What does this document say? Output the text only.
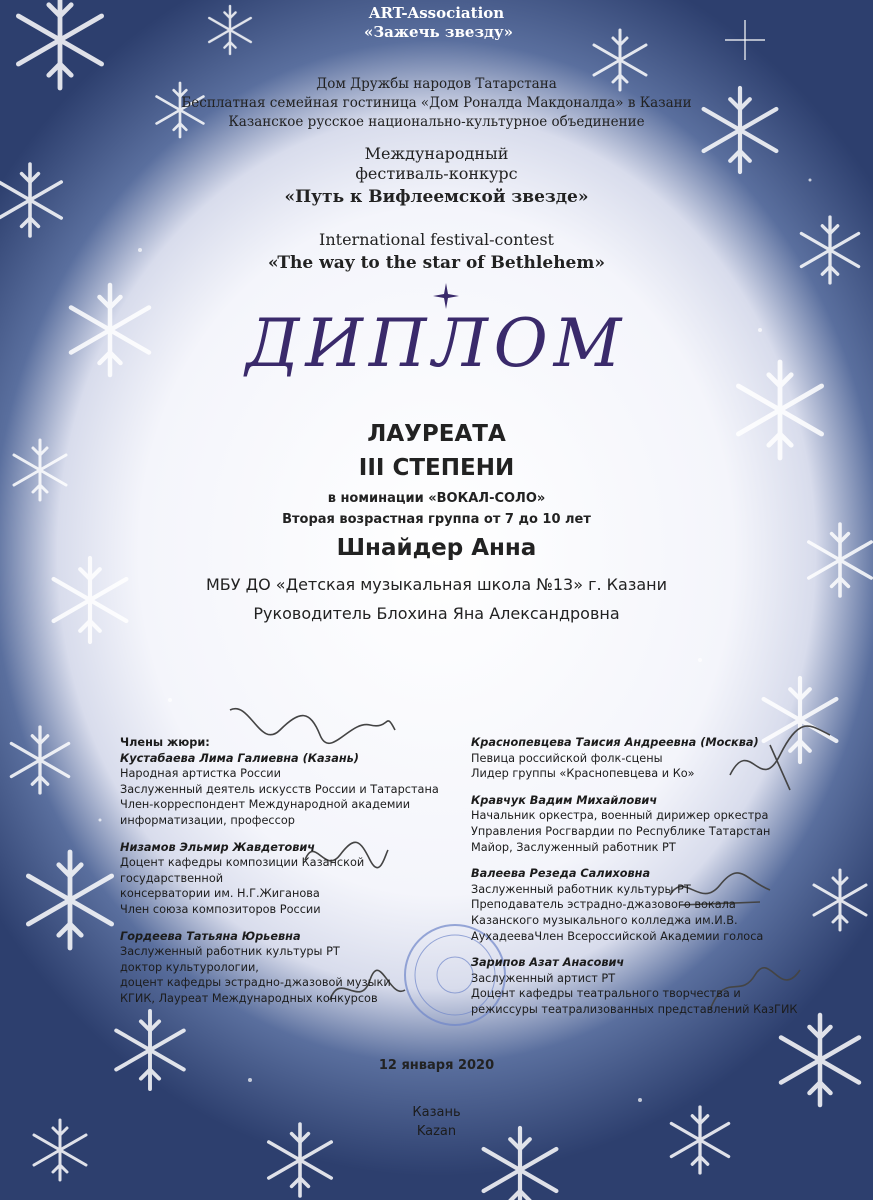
ART-Association
«Зажечь звезду»
Дом Дружбы народов Татарстана
Бесплатная семейная гостиница «Дом Роналда Макдоналда» в Казани
Казанское русское национально-культурное объединение
Международный
фестиваль-конкурс
«Путь к Вифлеемской звезде»
International festival-contest
«The way to the star of Bethlehem»
ДИПЛОМ
ЛАУРЕАТА
III СТЕПЕНИ
в номинации «ВОКАЛ-СОЛО»
Вторая возрастная группа от 7 до 10 лет
Шнайдер Анна
МБУ ДО «Детская музыкальная школа №13» г. Казани
Руководитель Блохина Яна Александровна
Члены жюри:
Кустабаева Лима Галиевна (Казань)
Народная артистка России
Заслуженный деятель искусств России и Татарстана
Член-корреспондент Международной академии
информатизации, профессор
Низамов Эльмир Жавдетович
Доцент кафедры композиции Казанской
государственной
консерватории им. Н.Г.Жиганова
Член союза композиторов России
Гордеева Татьяна Юрьевна
Заслуженный работник культуры РТ
доктор культурологии,
доцент кафедры эстрадно-джазовой музыки
КГИК, Лауреат Международных конкурсов
Краснопевцева Таисия Андреевна (Москва)
Певица российской фолк-сцены
Лидер группы «Краснопевцева и Ко»
Кравчук Вадим Михайлович
Начальник оркестра, военный дирижер оркестра
Управления Росгвардии по Республике Татарстан
Майор, Заслуженный работник РТ
Валеева Резеда Салиховна
Заслуженный работник культуры РТ
Преподаватель эстрадно-джазового вокала
Казанского музыкального колледжа им.И.В.
АухадееваЧлен Всероссийской Академии голоса
Зарипов Азат Анасович
Заслуженный артист РТ
Доцент кафедры театрального творчества и
режиссуры театрализованных представлений КазГИК
12 января 2020
Казань
Kazan
